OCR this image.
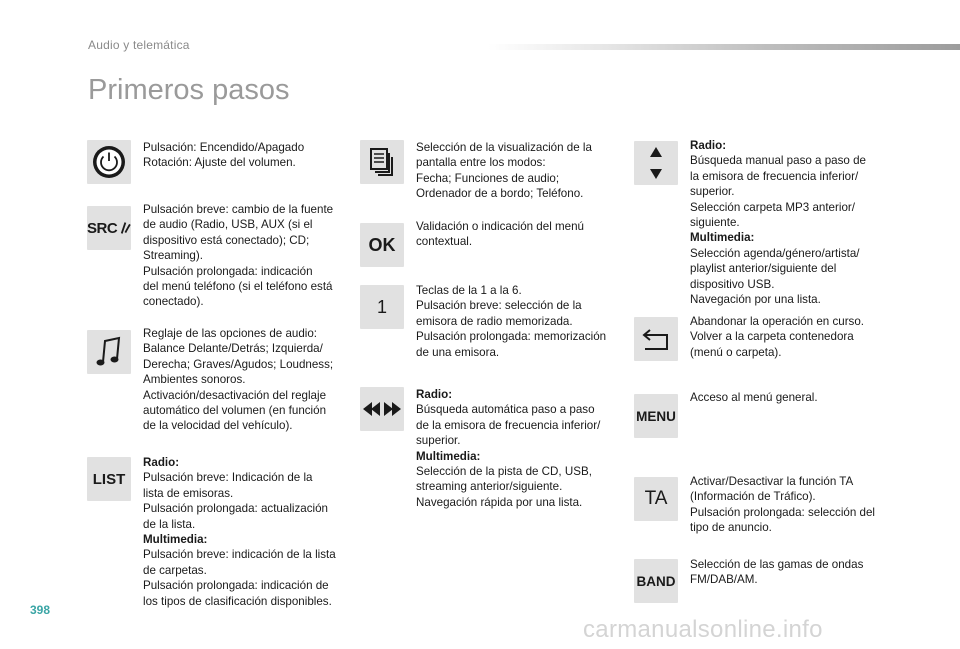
Audio y telemática
Primeros pasos
Pulsación: Encendido/Apagado
Rotación: Ajuste del volumen.
SRC
Pulsación breve: cambio de la fuente
de audio (Radio, USB, AUX (si el
dispositivo está conectado); CD;
Streaming).
Pulsación prolongada: indicación
del menú teléfono (si el teléfono está
conectado).
Reglaje de las opciones de audio:
Balance Delante/Detrás; Izquierda/
Derecha; Graves/Agudos; Loudness;
Ambientes sonoros.
Activación/desactivación del reglaje
automático del volumen (en función
de la velocidad del vehículo).
LIST
Radio:
Pulsación breve: Indicación de la
lista de emisoras.
Pulsación prolongada: actualización
de la lista.
Multimedia:
Pulsación breve: indicación de la lista
de carpetas.
Pulsación prolongada: indicación de
los tipos de clasificación disponibles.
Selección de la visualización de la
pantalla entre los modos:
Fecha; Funciones de audio;
Ordenador de a bordo; Teléfono.
OK
Validación o indicación del menú
contextual.
1
Teclas de la 1 a la 6.
Pulsación breve: selección de la
emisora de radio memorizada.
Pulsación prolongada: memorización
de una emisora.
Radio:
Búsqueda automática paso a paso
de la emisora de frecuencia inferior/
superior.
Multimedia:
Selección de la pista de CD, USB,
streaming anterior/siguiente.
Navegación rápida por una lista.
Radio:
Búsqueda manual paso a paso de
la emisora de frecuencia inferior/
superior.
Selección carpeta MP3 anterior/
siguiente.
Multimedia:
Selección agenda/género/artista/
playlist anterior/siguiente del
dispositivo USB.
Navegación por una lista.
Abandonar la operación en curso.
Volver a la carpeta contenedora
(menú o carpeta).
MENU
Acceso al menú general.
TA
Activar/Desactivar la función TA
(Información de Tráfico).
Pulsación prolongada: selección del
tipo de anuncio.
BAND
Selección de las gamas de ondas
FM/DAB/AM.
398
carmanualsonline.info
